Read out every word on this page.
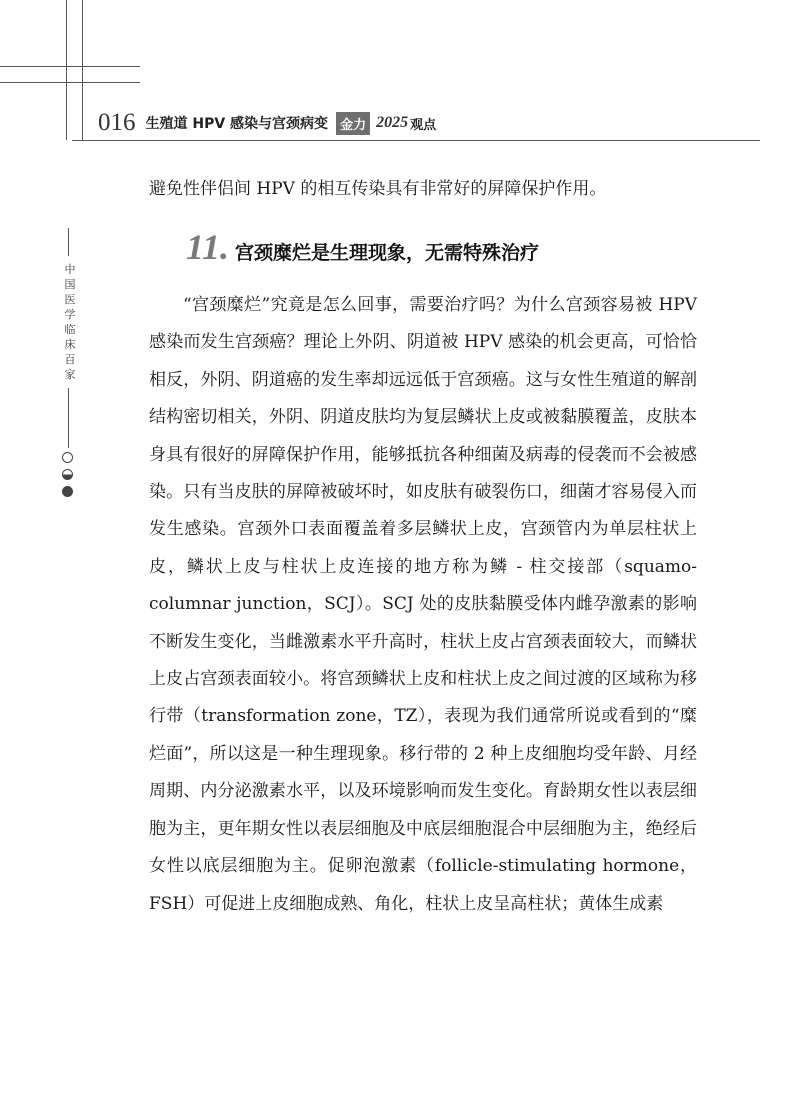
016 生殖道 HPV 感染与宫颈病变 金力 2025 观点
中国医学临床百家
避免性伴侣间 HPV 的相互传染具有非常好的屏障保护作用。
11. 宫颈糜烂是生理现象，无需特殊治疗
“宫颈糜烂”究竟是怎么回事，需要治疗吗？为什么宫颈容易被 HPV 感染而发生宫颈癌？理论上外阴、阴道被 HPV 感染的机会更高，可恰恰相反，外阴、阴道癌的发生率却远远低于宫颈癌。这与女性生殖道的解剖结构密切相关，外阴、阴道皮肤均为复层鳞状上皮或被黏膜覆盖，皮肤本身具有很好的屏障保护作用，能够抵抗各种细菌及病毒的侵袭而不会被感染。只有当皮肤的屏障被破坏时，如皮肤有破裂伤口，细菌才容易侵入而发生感染。宫颈外口表面覆盖着多层鳞状上皮，宫颈管内为单层柱状上皮，鳞状上皮与柱状上皮连接的地方称为鳞 - 柱交接部（squamo-columnar junction，SCJ）。SCJ 处的皮肤黏膜受体内雌孕激素的影响不断发生变化，当雌激素水平升高时，柱状上皮占宫颈表面较大，而鳞状上皮占宫颈表面较小。将宫颈鳞状上皮和柱状上皮之间过渡的区域称为移行带（transformation zone，TZ），表现为我们通常所说或看到的“糜烂面”，所以这是一种生理现象。移行带的 2 种上皮细胞均受年龄、月经周期、内分泌激素水平，以及环境影响而发生变化。育龄期女性以表层细胞为主，更年期女性以表层细胞及中底层细胞混合中层细胞为主，绝经后女性以底层细胞为主。促卵泡激素（follicle-stimulating hormone，FSH）可促进上皮细胞成熟、角化，柱状上皮呈高柱状；黄体生成素
